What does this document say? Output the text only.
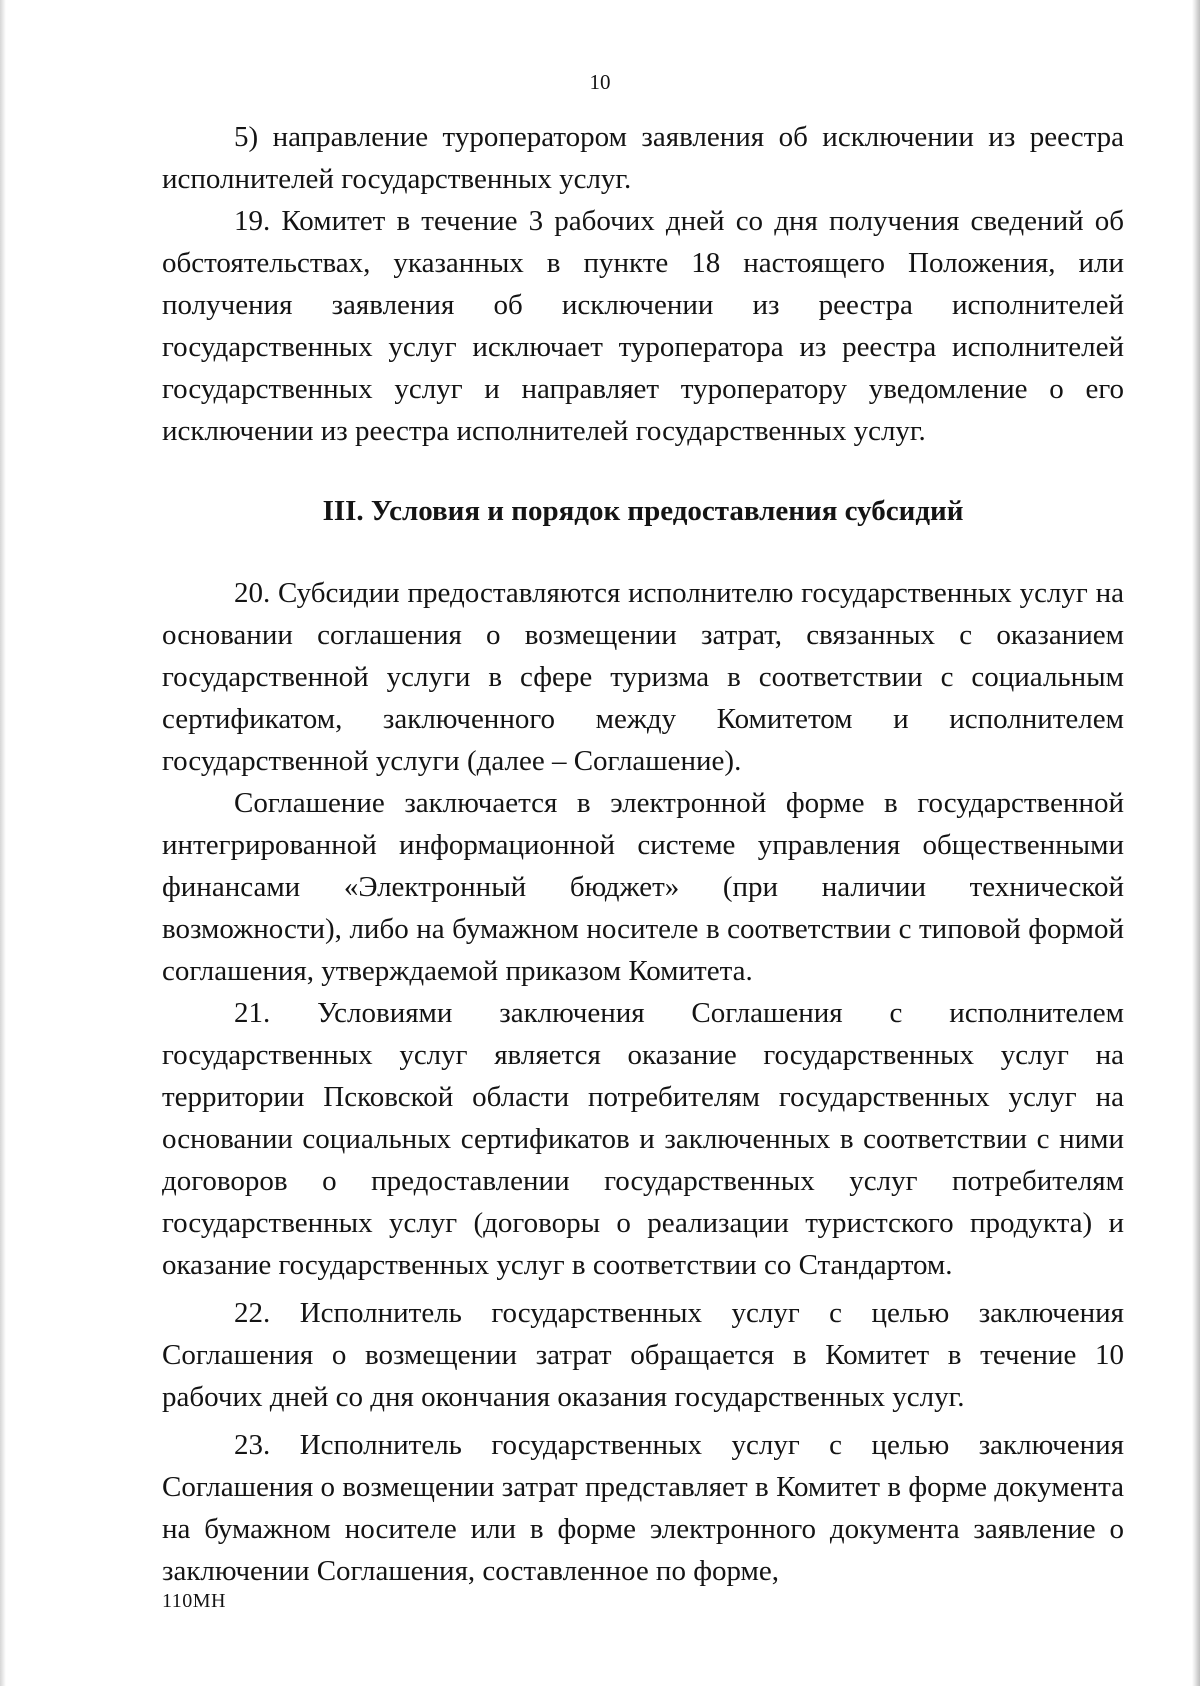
10

5) направление туроператором заявления об исключении из реестра исполнителей государственных услуг.

19. Комитет в течение 3 рабочих дней со дня получения сведений об обстоятельствах, указанных в пункте 18 настоящего Положения, или получения заявления об исключении из реестра исполнителей государственных услуг исключает туроператора из реестра исполнителей государственных услуг и направляет туроператору уведомление о его исключении из реестра исполнителей государственных услуг.

III. Условия и порядок предоставления субсидий

20. Субсидии предоставляются исполнителю государственных услуг на основании соглашения о возмещении затрат, связанных с оказанием государственной услуги в сфере туризма в соответствии с социальным сертификатом, заключенного между Комитетом и исполнителем государственной услуги (далее – Соглашение).

Соглашение заключается в электронной форме в государственной интегрированной информационной системе управления общественными финансами «Электронный бюджет» (при наличии технической возможности), либо на бумажном носителе в соответствии с типовой формой соглашения, утверждаемой приказом Комитета.

21. Условиями заключения Соглашения с исполнителем государственных услуг является оказание государственных услуг на территории Псковской области потребителям государственных услуг на основании социальных сертификатов и заключенных в соответствии с ними договоров о предоставлении государственных услуг потребителям государственных услуг (договоры о реализации туристского продукта) и оказание государственных услуг в соответствии со Стандартом.

22. Исполнитель государственных услуг с целью заключения Соглашения о возмещении затрат обращается в Комитет в течение 10 рабочих дней со дня окончания оказания государственных услуг.

23. Исполнитель государственных услуг с целью заключения Соглашения о возмещении затрат представляет в Комитет в форме документа на бумажном носителе или в форме электронного документа заявление о заключении Соглашения, составленное по форме,

110МН
